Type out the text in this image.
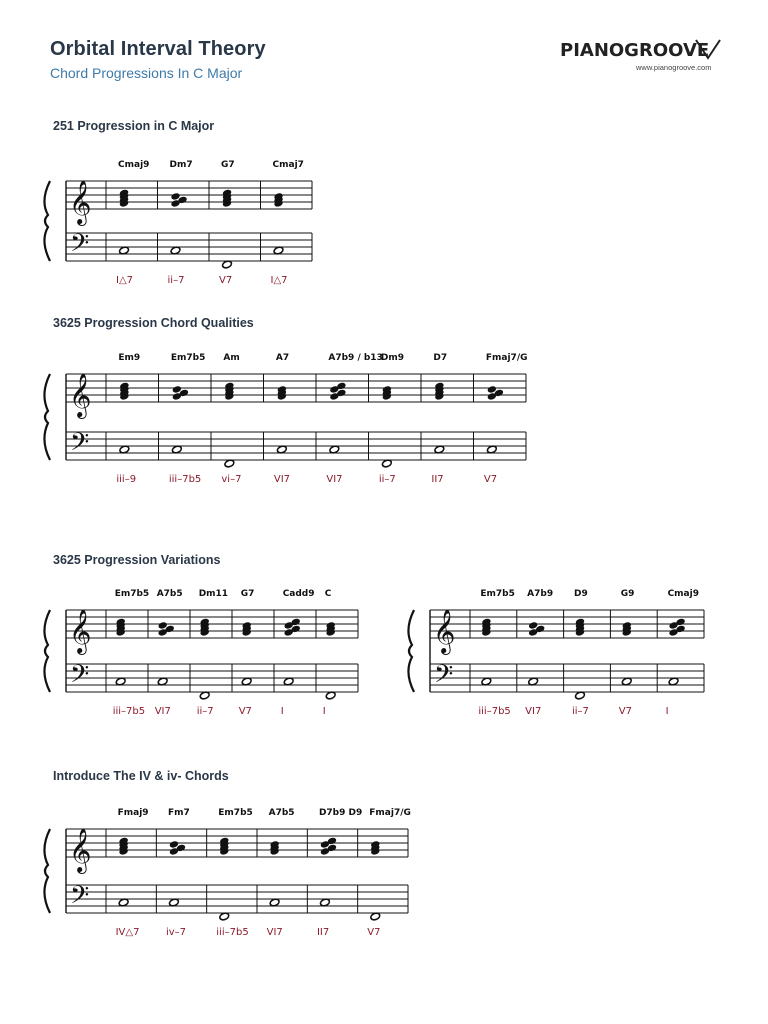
Orbital Interval Theory
Chord Progressions In C Major
PIANOGROOVE
www.pianogroove.com
251 Progression in C Major
𝄞
𝄢
Cmaj9
I△7
Dm7
ii–7
G7
V7
Cmaj7
I△7
3625 Progression Chord Qualities
𝄞
𝄢
Em9
iii–9
Em7b5
iii–7b5
Am
vi–7
A7
VI7
A7b9 / b13
VI7
Dm9
ii–7
D7
II7
Fmaj7/G
V7
3625 Progression Variations
𝄞
𝄢
Em7b5
iii–7b5
A7b5
VI7
Dm11
ii–7
G7
V7
Cadd9
I
C
I
𝄞
𝄢
Em7b5
iii–7b5
A7b9
VI7
D9
ii–7
G9
V7
Cmaj9
I
Introduce The IV & iv- Chords
𝄞
𝄢
Fmaj9
IV△7
Fm7
iv–7
Em7b5
iii–7b5
A7b5
VI7
D7b9 D9
II7
Fmaj7/G
V7
